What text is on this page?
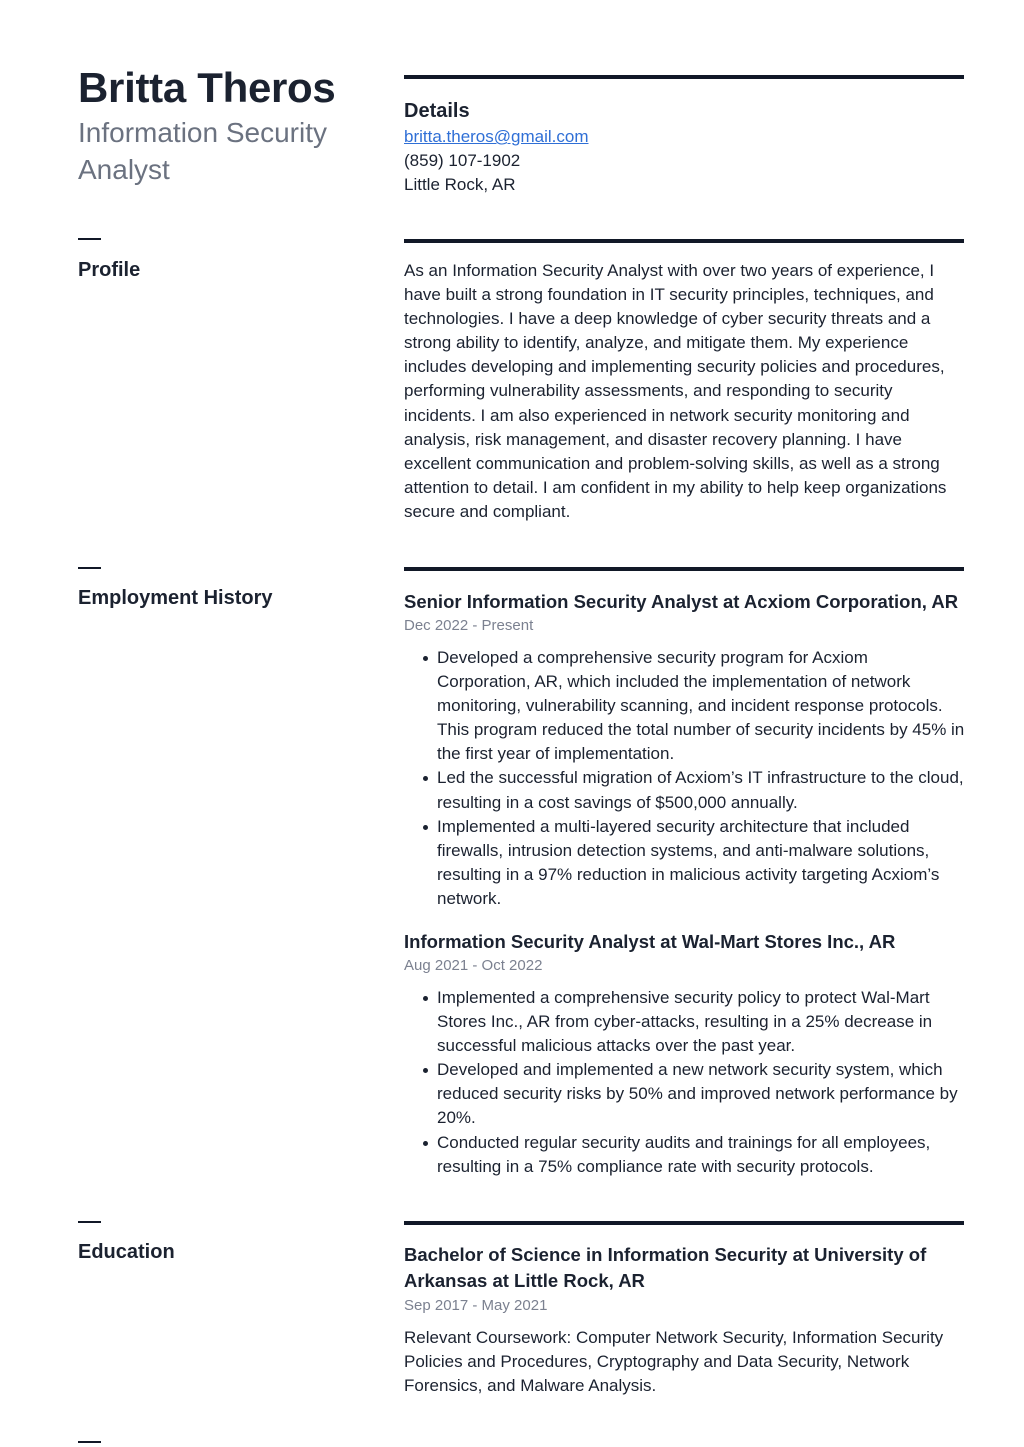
Britta Theros
Information Security Analyst
Details
britta.theros@gmail.com
(859) 107-1902
Little Rock, AR
Profile	As an Information Security Analyst with over two years of experience, I have built a strong foundation in IT security principles, techniques, and technologies. I have a deep knowledge of cyber security threats and a strong ability to identify, analyze, and mitigate them. My experience includes developing and implementing security policies and procedures, performing vulnerability assessments, and responding to security incidents. I am also experienced in network security monitoring and analysis, risk management, and disaster recovery planning. I have excellent communication and problem-solving skills, as well as a strong attention to detail. I am confident in my ability to help keep organizations secure and compliant.
Employment History	Senior Information Security Analyst at Acxiom Corporation, AR
Dec 2022 - Present
Developed a comprehensive security program for Acxiom Corporation, AR, which included the implementation of network monitoring, vulnerability scanning, and incident response protocols. This program reduced the total number of security incidents by 45% in the first year of implementation.
Led the successful migration of Acxiom’s IT infrastructure to the cloud, resulting in a cost savings of $500,000 annually.
Implemented a multi-layered security architecture that included firewalls, intrusion detection systems, and anti-malware solutions, resulting in a 97% reduction in malicious activity targeting Acxiom’s network.
Information Security Analyst at Wal-Mart Stores Inc., AR
Aug 2021 - Oct 2022
Implemented a comprehensive security policy to protect Wal-Mart Stores Inc., AR from cyber-attacks, resulting in a 25% decrease in successful malicious attacks over the past year.
Developed and implemented a new network security system, which reduced security risks by 50% and improved network performance by 20%.
Conducted regular security audits and trainings for all employees, resulting in a 75% compliance rate with security protocols.
Education	Bachelor of Science in Information Security at University of Arkansas at Little Rock, AR
Sep 2017 - May 2021
Relevant Coursework: Computer Network Security, Information Security Policies and Procedures, Cryptography and Data Security, Network Forensics, and Malware Analysis.
